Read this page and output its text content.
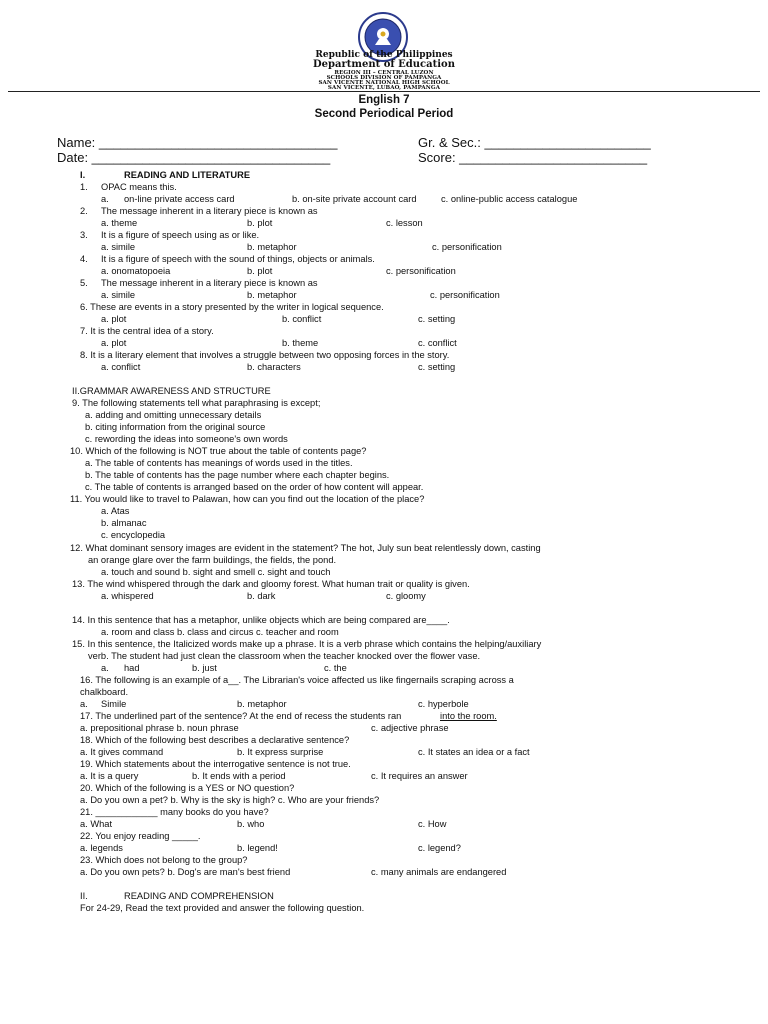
Republic of the Philippines
Department of Education
REGION III – CENTRAL LUZON
SCHOOLS DIVISION OF PAMPANGA
SAN VICENTE NATIONAL HIGH SCHOOL
SAN VICENTE, LUBAO, PAMPANGA
English 7
Second Periodical Period
Name: _________________________________
Date: _________________________________
Gr. & Sec.: _______________________
Score: __________________________
I.	READING AND LITERATURE
1. OPAC means this.
a. on-line private access card	b. on-site private account card	c. online-public access catalogue
2. The message inherent in a literary piece is known as
a. theme	b. plot	c. lesson
3. It is a figure of speech using as or like.
a. simile	b. metaphor	c. personification
4. It is a figure of speech with the sound of things, objects or animals.
a. onomatopoeia	b. plot	c. personification
5. The message inherent in a literary piece is known as
a. simile	b. metaphor	c. personification
6. These are events in a story presented by the writer in logical sequence.
a. plot	b. conflict	c. setting
7. It is the central idea of a story.
a. plot	b. theme	c. conflict
8. It is a literary element that involves a struggle between two opposing forces in the story.
a. conflict	b. characters	c. setting
II.GRAMMAR AWARENESS AND STRUCTURE
9. The following statements tell what paraphrasing is except;
a. adding and omitting unnecessary details
b. citing information from the original source
c. rewording the ideas into someone's own words
10. Which of the following is NOT true about the table of contents page?
a. The table of contents has meanings of words used in the titles.
b. The table of contents has the page number where each chapter begins.
c. The table of contents is arranged based on the order of how content will appear.
11. You would like to travel to Palawan, how can you find out the location of the place?
a. Atas
b. almanac
c. encyclopedia
12. What dominant sensory images are evident in the statement? The hot, July sun beat relentlessly down, casting
an orange glare over the farm buildings, the fields, the pond.
a. touch and sound b. sight and smell c. sight and touch
13. The wind whispered through the dark and gloomy forest. What human trait or quality is given.
a. whispered	b. dark	c. gloomy
14. In this sentence that has a metaphor, unlike objects which are being compared are____.
a. room and class b. class and circus c. teacher and room
15. In this sentence, the Italicized words make up a phrase. It is a verb phrase which contains the helping/auxiliary
verb. The student had just clean the classroom when the teacher knocked over the flower vase.
a. had	b. just	c. the
16. The following is an example of a__. The Librarian's voice affected us like fingernails scraping across a
chalkboard.
a. Simile	b. metaphor	c. hyperbole
17. The underlined part of the sentence? At the end of recess the students ran
a. prepositional phrase b. noun phrase	c. adjective phrase
18. Which of the following best describes a declarative sentence?
a. It gives command	b. It express surprise	c. It states an idea or a fact
19. Which statements about the interrogative sentence is not true.
a. It is a query	b. It ends with a period	c. It requires an answer
20. Which of the following is a YES or NO question?
a. Do you own a pet? b. Why is the sky is high? c. Who are your friends?
21. ____________ many books do you have?
a. What	b. who	c. How
22. You enjoy reading _____.
a. legends	b. legend!	c. legend?
23. Which does not belong to the group?
a. Do you own pets? b. Dog's are man's best friend	c. many animals are endangered
II.	READING AND COMPREHENSION
For 24-29, Read the text provided and answer the following question.
into the room.
